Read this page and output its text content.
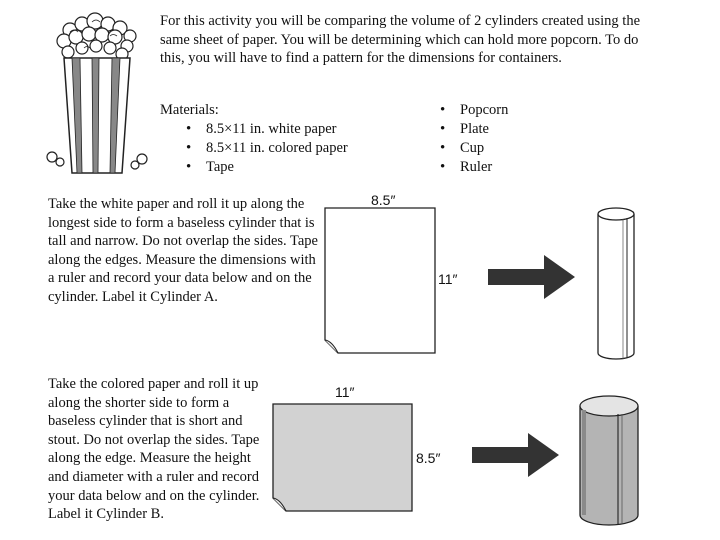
For this activity you will be comparing the volume of 2 cylinders created using the same sheet of paper. You will be determining which can hold more popcorn. To do this, you will have to find a pattern for the dimensions for containers.
Materials:
• 8.5×11 in. white paper
• 8.5×11 in. colored paper
• Tape
• Popcorn
• Plate
• Cup
• Ruler
Take the white paper and roll it up along the longest side to form a baseless cylinder that is tall and narrow. Do not overlap the sides. Tape along the edges. Measure the dimensions with a ruler and record your data below and on the cylinder. Label it Cylinder A.
8.5″
11″
Take the colored paper and roll it up along the shorter side to form a baseless cylinder that is short and stout. Do not overlap the sides. Tape along the edge. Measure the height and diameter with a ruler and record your data below and on the cylinder. Label it Cylinder B.
11″
8.5″
